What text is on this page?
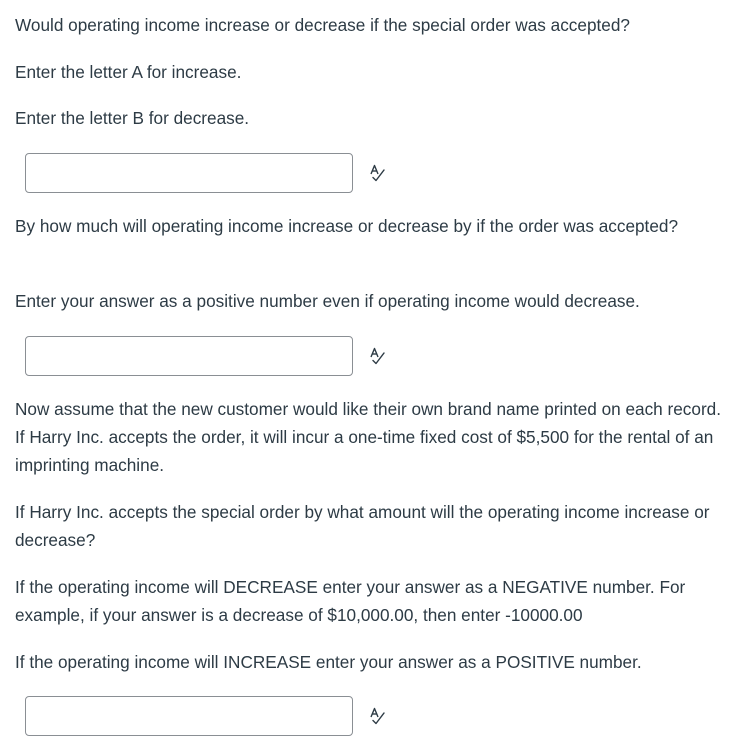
Would operating income increase or decrease if the special order was accepted?

Enter the letter A for increase.

Enter the letter B for decrease.

By how much will operating income increase or decrease by if the order was accepted?

Enter your answer as a positive number even if operating income would decrease.

Now assume that the new customer would like their own brand name printed on each record. If Harry Inc. accepts the order, it will incur a one-time fixed cost of $5,500 for the rental of an imprinting machine.

If Harry Inc. accepts the special order by what amount will the operating income increase or decrease?

If the operating income will DECREASE enter your answer as a NEGATIVE number. For example, if your answer is a decrease of $10,000.00, then enter -10000.00

If the operating income will INCREASE enter your answer as a POSITIVE number.
